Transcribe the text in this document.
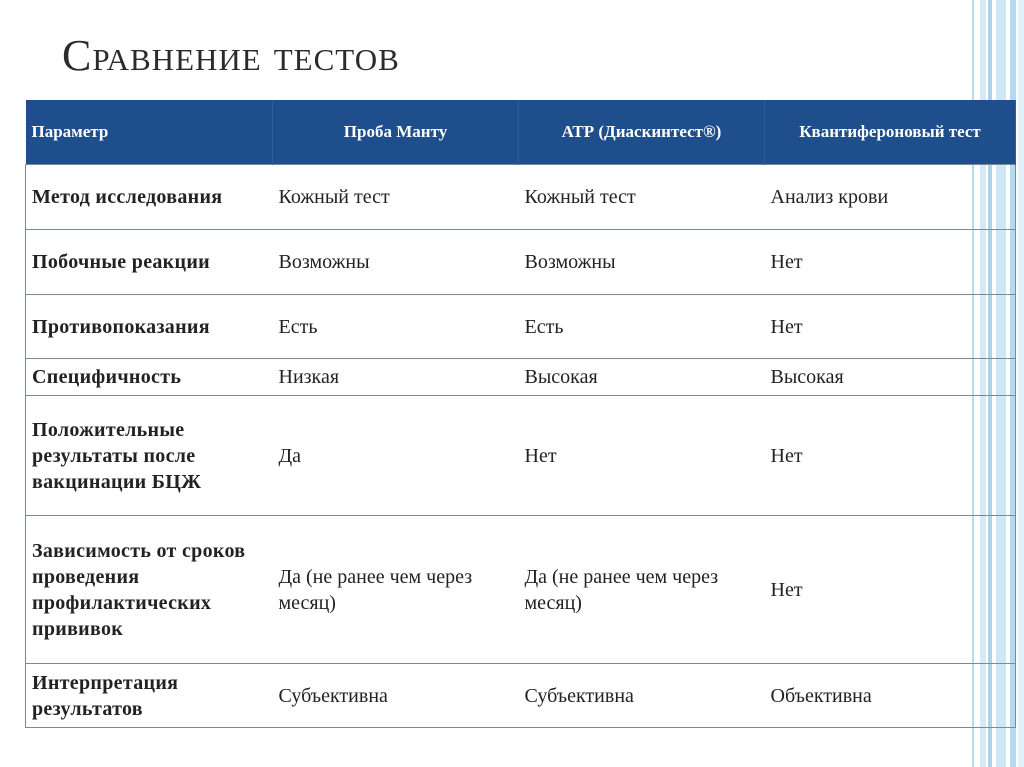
Сравнение тестов
Параметр	Проба Манту	АТР (Диаскинтест®)	Квантифероновый тест
Метод исследования	Кожный тест	Кожный тест	Анализ крови
Побочные реакции	Возможны	Возможны	Нет
Противопоказания	Есть	Есть	Нет
Специфичность	Низкая	Высокая	Высокая
Положительные результаты после вакцинации БЦЖ	Да	Нет	Нет
Зависимость от сроков проведения профилактических прививок	Да (не ранее чем через месяц)	Да (не ранее чем через месяц)	Нет
Интерпретация результатов	Субъективна	Субъективна	Объективна
